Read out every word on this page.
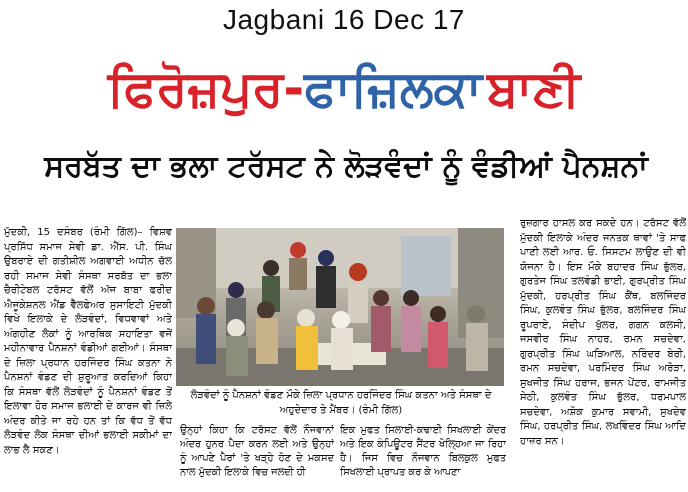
Jagbani 16 Dec 17
ਫਿਰੋਜ਼ਪੁਰ-ਫਾਜ਼ਿਲਕਾ ਬਾਣੀ
ਸਰਬੱਤ ਦਾ ਭਲਾ ਟਰੱਸਟ ਨੇ ਲੋੜਵੰਦਾਂ ਨੂੰ ਵੰਡੀਆਂ ਪੈਨਸ਼ਨਾਂ
ਮੁੱਦਕੀ, 15 ਦਸੰਬਰ (ਰੰਮੀ ਗਿੱਲ)– ਵਿਸ਼ਵ ਪ੍ਰਸਿੱਧ ਸਮਾਜ ਸੇਵੀ ਡਾ. ਐੱਸ. ਪੀ. ਸਿੰਘ ਉਬਰਾਏ ਦੀ ਗਤੀਸ਼ੀਲ ਅਗਵਾਈ ਅਧੀਨ ਚੱਲ ਰਹੀ ਸਮਾਜ ਸੇਵੀ ਸੰਸਥਾ ਸਰਬੱਤ ਦਾ ਭਲਾ ਚੈਰੀਟੇਬਲ ਟਰੱਸਟ ਵੱਲੋਂ ਅੱਜ ਬਾਬਾ ਫਰੀਦ ਐਜੂਕੇਸ਼ਨਲ ਐਂਡ ਵੈੱਲਫੇਅਰ ਸੁਸਾਇਟੀ ਮੁੱਦਕੀ ਵਿਖੇ ਇਲਾਕੇ ਦੇ ਲੋੜਵੰਦਾਂ, ਵਿਧਵਾਵਾਂ ਅਤੇ ਅੰਗਹੀਣ ਲੋਕਾਂ ਨੂੰ ਆਰਥਿਕ ਸਹਾਇਤਾ ਵਜੋਂ ਮਹੀਨਾਵਾਰ ਪੈਨਸ਼ਨਾਂ ਵੰਡੀਆਂ ਗਈਆਂ। ਸੰਸਥਾ ਦੇ ਜ਼ਿਲਾ ਪ੍ਰਧਾਨ ਹਰਜਿੰਦਰ ਸਿੰਘ ਕਤਨਾ ਨੇ ਪੈਨਸ਼ਨਾਂ ਵੰਡਣ ਦੀ ਸ਼ੁਰੂਆਤ ਕਰਦਿਆਂ ਕਿਹਾ ਕਿ ਸੰਸਥਾ ਵੱਲੋਂ ਲੋੜਵੰਦਾਂ ਨੂੰ ਪੈਨਸ਼ਨਾਂ ਵੰਡਣ ਤੋਂ ਇਲਾਵਾ ਹੋਰ ਸਮਾਜ ਭਲਾਈ ਦੇ ਕਾਰਜ ਵੀ ਜ਼ਿਲੇ ਅੰਦਰ ਕੀਤੇ ਜਾ ਰਹੇ ਹਨ ਤਾਂ ਕਿ ਵੱਧ ਤੋਂ ਵੱਧ ਲੋੜਵੰਦ ਲੋਕ ਸੰਸਥਾ ਦੀਆਂ ਭਲਾਈ ਸਕੀਮਾਂ ਦਾ ਲਾਭ ਲੈ ਸਕਣ।
ਲੋੜਵੰਦਾਂ ਨੂੰ ਪੈਨਸ਼ਨਾਂ ਵੰਡਣ ਮੌਕੇ ਜ਼ਿਲਾ ਪ੍ਰਧਾਨ ਹਰਜਿੰਦਰ ਸਿੰਘ ਕਤਨਾ ਅਤੇ ਸੰਸਥਾ ਦੇ ਅਹੁਦੇਦਾਰ ਤੇ ਮੈਂਬਰ। (ਰੰਮੀ ਗਿੱਲ)
ਉਨ੍ਹਾਂ ਕਿਹਾ ਕਿ ਟਰੱਸਟ ਵੱਲੋਂ ਨੌਜਵਾਨਾਂ ਅੰਦਰ ਹੁਨਰ ਪੈਦਾ ਕਰਨ ਲਈ ਅਤੇ ਉਨ੍ਹਾਂ ਨੂੰ ਆਪਣੇ ਪੈਰਾਂ 'ਤੇ ਖੜ੍ਹੇ ਹੋਣ ਦੇ ਮਕਸਦ ਨਾਲ ਮੁੱਦਕੀ ਇਲਾਕੇ ਵਿਚ ਜਲਦੀ ਹੀ
ਇਕ ਮੁਫਤ ਸਿਲਾਈ-ਕਢਾਈ ਸਿਖਲਾਈ ਕੇਂਦਰ ਅਤੇ ਇਕ ਕੰਪਿਊਟਰ ਸੈਂਟਰ ਖੋਲ੍ਹਿਆ ਜਾ ਰਿਹਾ ਹੈ। ਜਿਸ ਵਿਚ ਨੌਜਵਾਨ ਬਿਲਕੁਲ ਮੁਫਤ ਸਿਖਲਾਈ ਪ੍ਰਾਪਤ ਕਰ ਕੇ ਆਪਣਾ
ਰੁਜ਼ਗਾਰ ਹਾਸਲ ਕਰ ਸਕਦੇ ਹਨ। ਟਰੱਸਟ ਵੱਲੋਂ ਮੁੱਦਕੀ ਇਲਾਕੇ ਅੰਦਰ ਜਨਤਕ ਥਾਵਾਂ 'ਤੇ ਸਾਫ ਪਾਣੀ ਲਈ ਆਰ. ਓ. ਸਿਸਟਮ ਲਾਉਣ ਦੀ ਵੀ ਯੋਜਨਾ ਹੈ। ਇਸ ਮੌਕੇ ਬਹਾਦਰ ਸਿੰਘ ਭੁੱਲਰ, ਗੁਰਤੇਜ ਸਿੰਘ ਤਲਵੰਡੀ ਭਾਈ, ਗੁਰਪ੍ਰੀਤ ਸਿੰਘ ਮੁੱਦਕੀ, ਹਰਪ੍ਰੀਤ ਸਿੰਘ ਕੈਂਥ, ਬਲਜਿੰਦਰ ਸਿੰਘ, ਕੁਲਵੰਤ ਸਿੰਘ ਭੁੱਲਰ, ਬਲਜਿੰਦਰ ਸਿੰਘ ਰੂਪਰਾਏ, ਸੰਦੀਪ ਖੁੱਲਰ, ਗਗਨ ਕਲਸੀ, ਜਸਵੀਰ ਸਿੰਘ ਨਾਹਰ, ਰਮਨ ਸਚਦੇਵਾ, ਗੁਰਪ੍ਰੀਤ ਸਿੰਘ ਘੜਿਆਲ, ਨਰਿੰਦਰ ਬੇਰੀ, ਰਮਨ ਸਚਦੇਵਾ, ਪਰਮਿੰਦਰ ਸਿੰਘ ਅਰੋੜਾ, ਸੁਖਜੀਤ ਸਿੰਘ ਹਰਾਜ, ਭਜਨ ਪੇਂਟਰ, ਰਾਮਜੀਤ ਸੇਠੀ, ਕੁਲਵੰਤ ਸਿੰਘ ਭੁੱਲਰ, ਧਰਮਪਾਲ ਸਚਦੇਵਾ, ਅਸ਼ੋਕ ਕੁਮਾਰ ਸਵਾਮੀ, ਸੁਖਦੇਵ ਸਿੰਘ, ਹਰਪ੍ਰੀਤ ਸਿੰਘ, ਲਖਵਿੰਦਰ ਸਿੰਘ ਆਦਿ ਹਾਜ਼ਰ ਸਨ।
